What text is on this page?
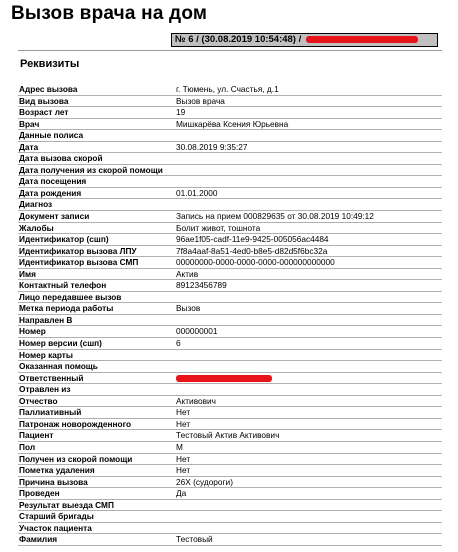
Вызов врача на дом
№ 6 / (30.08.2019 10:54:48) /
Реквизиты
Адрес вызова	г. Тюмень, ул. Счастья, д.1
Вид вызова	Вызов врача
Возраст лет	19
Врач	Мишкарёва Ксения Юрьевна
Данные полиса
Дата	30.08.2019 9:35:27
Дата вызова скорой
Дата получения из скорой помощи
Дата посещения
Дата рождения	01.01.2000
Диагноз
Документ записи	Запись на прием 000829635 от 30.08.2019 10:49:12
Жалобы	Болит живот, тошнота
Идентификатор (сшп)	96ae1f05-cadf-11e9-9425-005056ac4484
Идентификатор вызова ЛПУ	7f8a4aaf-8a51-4ed0-b8e5-d82d5f6bc32a
Идентификатор вызова СМП	00000000-0000-0000-0000-000000000000
Имя	Актив
Контактный телефон	89123456789
Лицо передавшее вызов
Метка периода работы	Вызов
Направлен В
Номер	000000001
Номер версии (сшп)	6
Номер карты
Оказанная помощь
Ответственный
Отравлен из
Отчество	Активович
Паллиативный	Нет
Патронаж новорожденного	Нет
Пациент	Тестовый Актив Активович
Пол	М
Получен из скорой помощи	Нет
Пометка удаления	Нет
Причина вызова	26Х (судороги)
Проведен	Да
Результат выезда СМП
Старший бригады
Участок пациента
Фамилия	Тестовый
